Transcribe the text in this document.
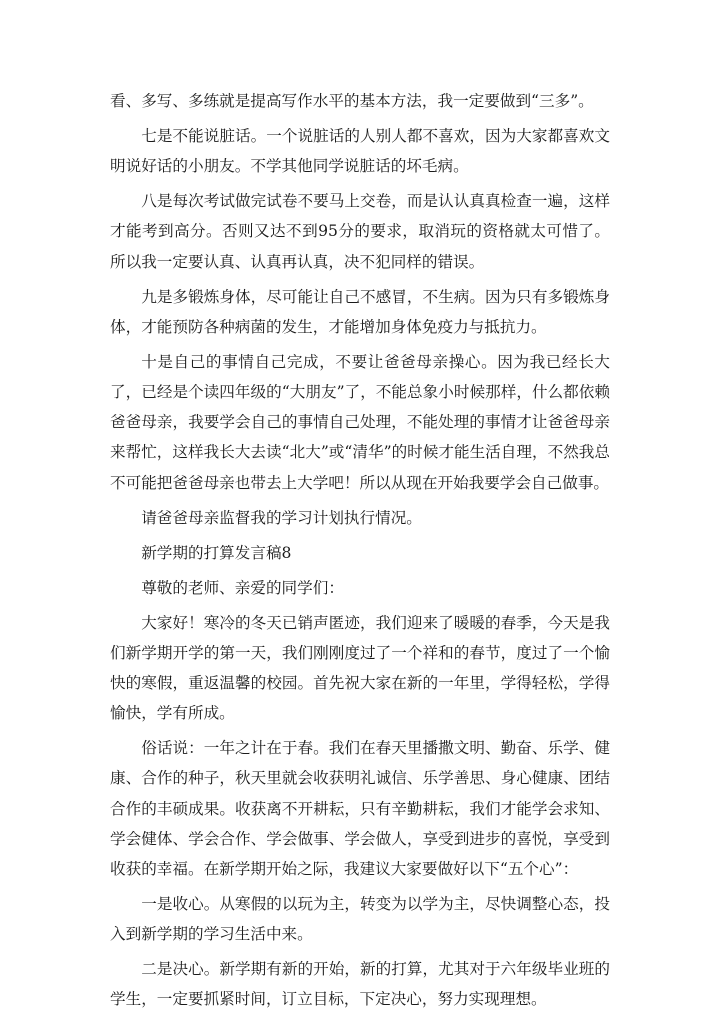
看、多写、多练就是提高写作水平的基本方法，我一定要做到“三多”。

七是不能说脏话。一个说脏话的人别人都不喜欢，因为大家都喜欢文明说好话的小朋友。不学其他同学说脏话的坏毛病。

八是每次考试做完试卷不要马上交卷，而是认认真真检查一遍，这样才能考到高分。否则又达不到95分的要求，取消玩的资格就太可惜了。所以我一定要认真、认真再认真，决不犯同样的错误。

九是多锻炼身体，尽可能让自己不感冒，不生病。因为只有多锻炼身体，才能预防各种病菌的发生，才能增加身体免疫力与抵抗力。

十是自己的事情自己完成，不要让爸爸母亲操心。因为我已经长大了，已经是个读四年级的“大朋友”了，不能总象小时候那样，什么都依赖爸爸母亲，我要学会自己的事情自己处理，不能处理的事情才让爸爸母亲来帮忙，这样我长大去读“北大”或“清华”的时候才能生活自理，不然我总不可能把爸爸母亲也带去上大学吧！所以从现在开始我要学会自己做事。

请爸爸母亲监督我的学习计划执行情况。

新学期的打算发言稿8

尊敬的老师、亲爱的同学们：

大家好！寒冷的冬天已销声匿迹，我们迎来了暖暖的春季，今天是我们新学期开学的第一天，我们刚刚度过了一个祥和的春节，度过了一个愉快的寒假，重返温馨的校园。首先祝大家在新的一年里，学得轻松，学得愉快，学有所成。

俗话说：一年之计在于春。我们在春天里播撒文明、勤奋、乐学、健康、合作的种子，秋天里就会收获明礼诚信、乐学善思、身心健康、团结合作的丰硕成果。收获离不开耕耘，只有辛勤耕耘，我们才能学会求知、学会健体、学会合作、学会做事、学会做人，享受到进步的喜悦，享受到收获的幸福。在新学期开始之际，我建议大家要做好以下“五个心”：

一是收心。从寒假的以玩为主，转变为以学为主，尽快调整心态，投入到新学期的学习生活中来。

二是决心。新学期有新的开始，新的打算，尤其对于六年级毕业班的学生，一定要抓紧时间，订立目标，下定决心，努力实现理想。
